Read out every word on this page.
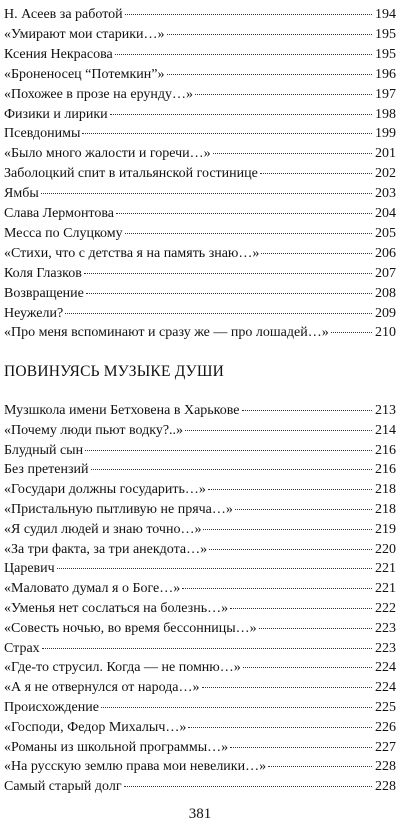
Н. Асеев за работой	194
«Умирают мои старики…»	195
Ксения Некрасова	195
«Броненосец “Потемкин”»	196
«Похожее в прозе на ерунду…»	197
Физики и лирики	198
Псевдонимы	199
«Было много жалости и горечи…»	201
Заболоцкий спит в итальянской гостинице	202
Ямбы	203
Слава Лермонтова	204
Месса по Слуцкому	205
«Стихи, что с детства я на память знаю…»	206
Коля Глазков	207
Возвращение	208
Неужели?	209
«Про меня вспоминают и сразу же — про лошадей…»	210
ПОВИНУЯСЬ МУЗЫКЕ ДУШИ
Музшкола имени Бетховена в Харькове	213
«Почему люди пьют водку?..»	214
Блудный сын	216
Без претензий	216
«Государи должны государить…»	218
«Пристальную пытливую не пряча…»	218
«Я судил людей и знаю точно…»	219
«За три факта, за три анекдота…»	220
Царевич	221
«Маловато думал я о Боге…»	221
«Уменья нет сослаться на болезнь…»	222
«Совесть ночью, во время бессонницы…»	223
Страх	223
«Где-то струсил. Когда — не помню…»	224
«А я не отвернулся от народа…»	224
Происхождение	225
«Господи, Федор Михалыч…»	226
«Романы из школьной программы…»	227
«На русскую землю права мои невелики…»	228
Самый старый долг	228
381
